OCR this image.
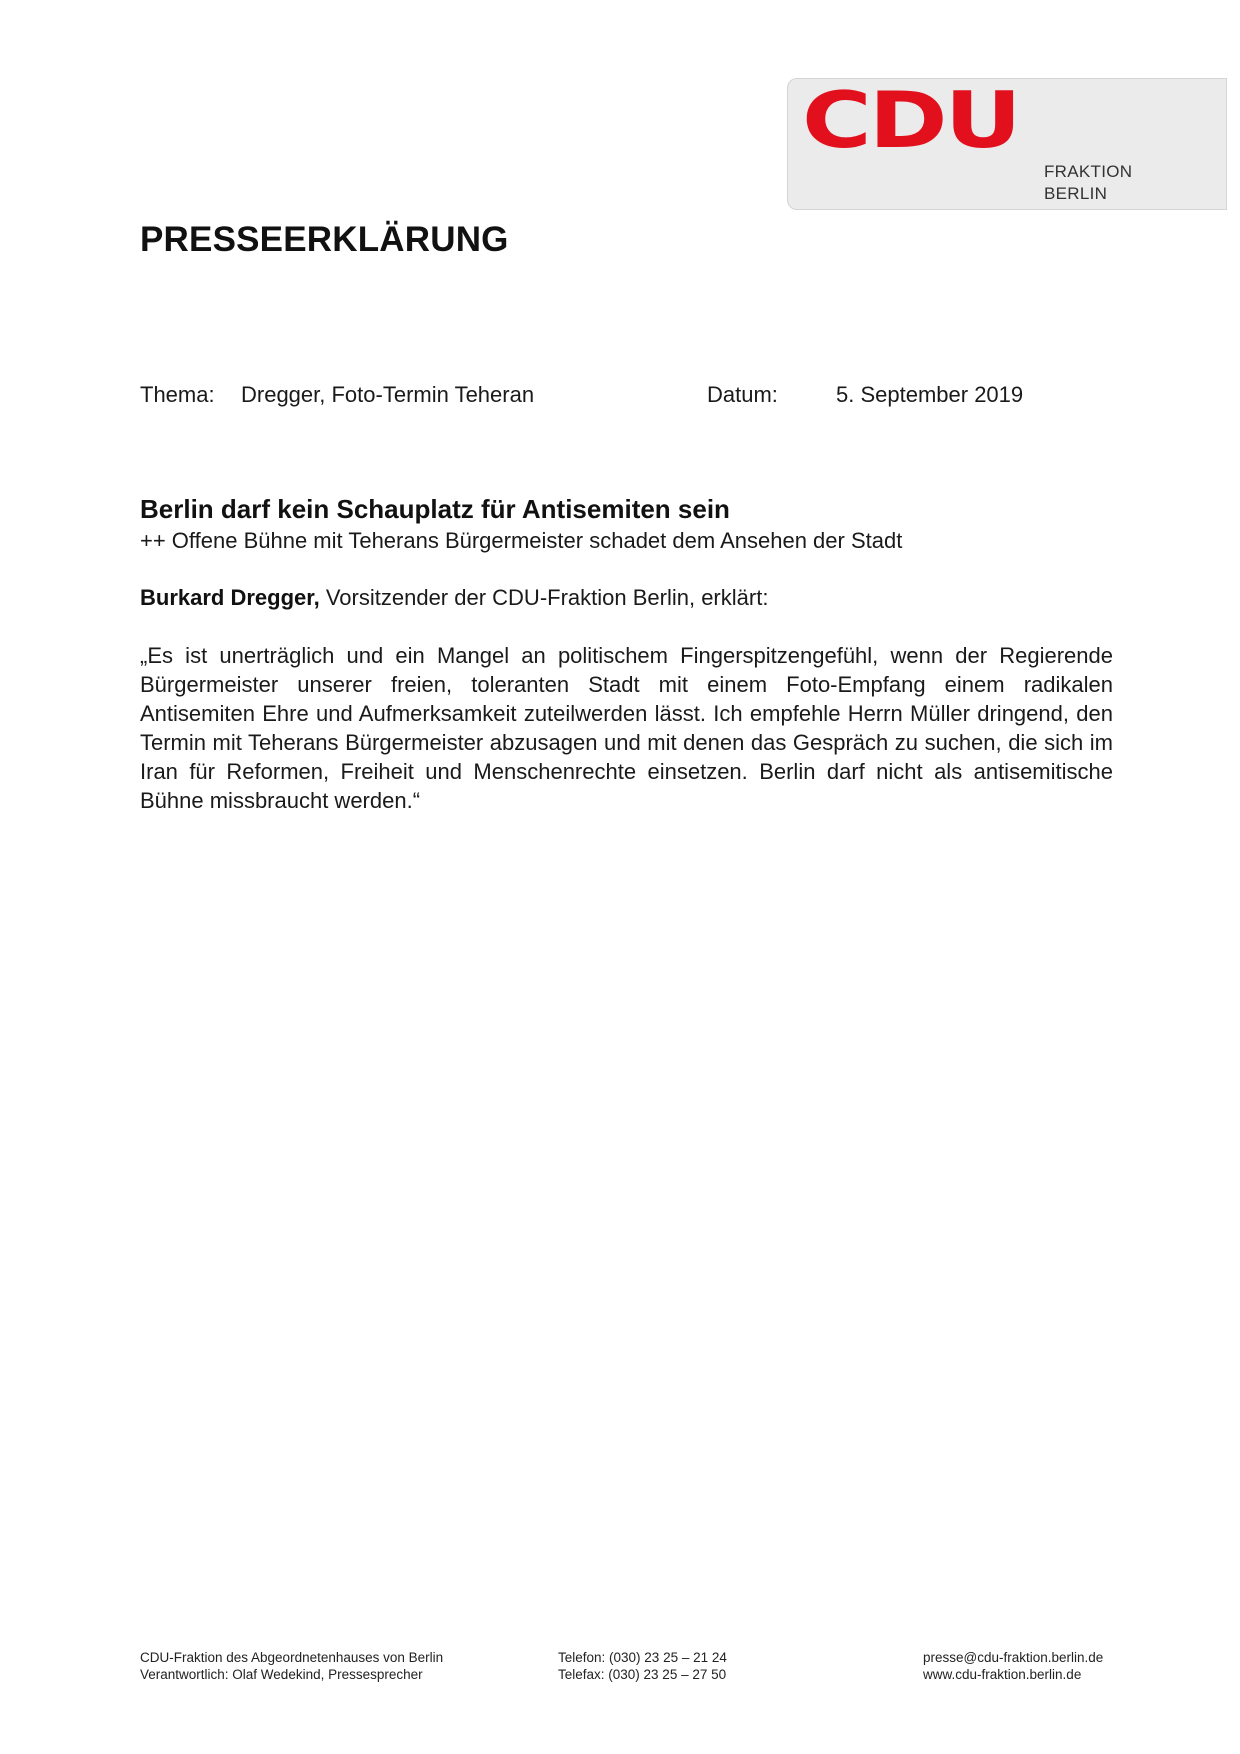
CDU
FRAKTION
BERLIN
PRESSEERKLÄRUNG
Thema: Dregger, Foto-Termin Teheran	Datum:	5. September 2019
Berlin darf kein Schauplatz für Antisemiten sein
++ Offene Bühne mit Teherans Bürgermeister schadet dem Ansehen der Stadt
Burkard Dregger, Vorsitzender der CDU-Fraktion Berlin, erklärt:

„Es ist unerträglich und ein Mangel an politischem Fingerspitzengefühl, wenn der Regierende Bürgermeister unserer freien, toleranten Stadt mit einem Foto-Empfang einem radikalen Antisemiten Ehre und Aufmerksamkeit zuteilwerden lässt. Ich empfehle Herrn Müller dringend, den Termin mit Teherans Bürgermeister abzusagen und mit denen das Gespräch zu suchen, die sich im Iran für Reformen, Freiheit und Menschenrechte einsetzen. Berlin darf nicht als antisemitische Bühne missbraucht werden.“

CDU-Fraktion des Abgeordnetenhauses von Berlin
Verantwortlich: Olaf Wedekind, Pressesprecher
Telefon: (030) 23 25 – 21 24
Telefax: (030) 23 25 – 27 50
presse@cdu-fraktion.berlin.de
www.cdu-fraktion.berlin.de
